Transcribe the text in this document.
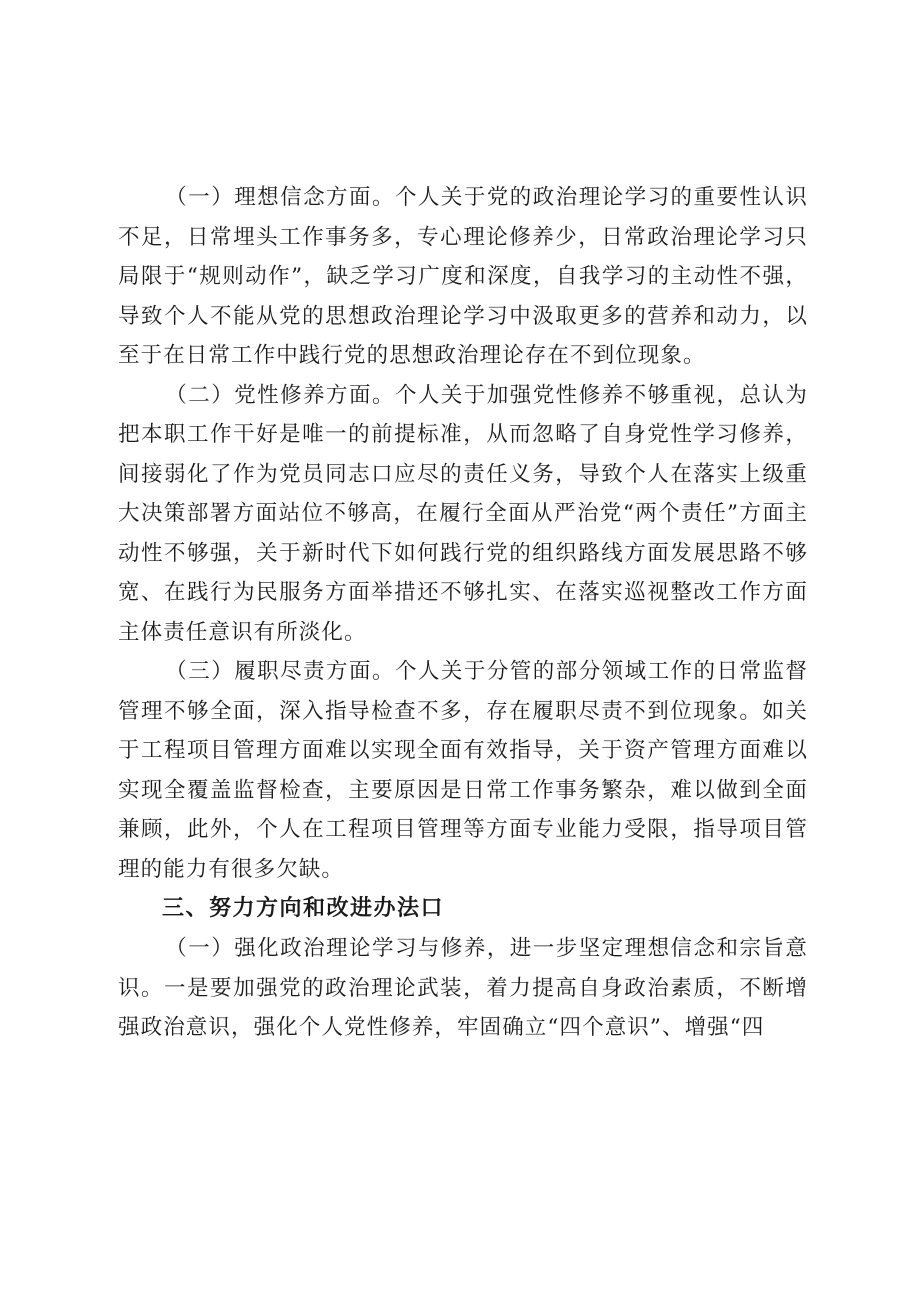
（一）理想信念方面。个人关于党的政治理论学习的重要性认识不足，日常埋头工作事务多，专心理论修养少，日常政治理论学习只局限于“规则动作”，缺乏学习广度和深度，自我学习的主动性不强，导致个人不能从党的思想政治理论学习中汲取更多的营养和动力，以至于在日常工作中践行党的思想政治理论存在不到位现象。

（二）党性修养方面。个人关于加强党性修养不够重视，总认为把本职工作干好是唯一的前提标准，从而忽略了自身党性学习修养，间接弱化了作为党员同志口应尽的责任义务，导致个人在落实上级重大决策部署方面站位不够高，在履行全面从严治党“两个责任”方面主动性不够强，关于新时代下如何践行党的组织路线方面发展思路不够宽、在践行为民服务方面举措还不够扎实、在落实巡视整改工作方面主体责任意识有所淡化。

（三）履职尽责方面。个人关于分管的部分领域工作的日常监督管理不够全面，深入指导检查不多，存在履职尽责不到位现象。如关于工程项目管理方面难以实现全面有效指导，关于资产管理方面难以实现全覆盖监督检查，主要原因是日常工作事务繁杂，难以做到全面兼顾，此外，个人在工程项目管理等方面专业能力受限，指导项目管理的能力有很多欠缺。

三、努力方向和改进办法口

（一）强化政治理论学习与修养，进一步坚定理想信念和宗旨意识。一是要加强党的政治理论武装，着力提高自身政治素质，不断增强政治意识，强化个人党性修养，牢固确立“四个意识”、增强“四
